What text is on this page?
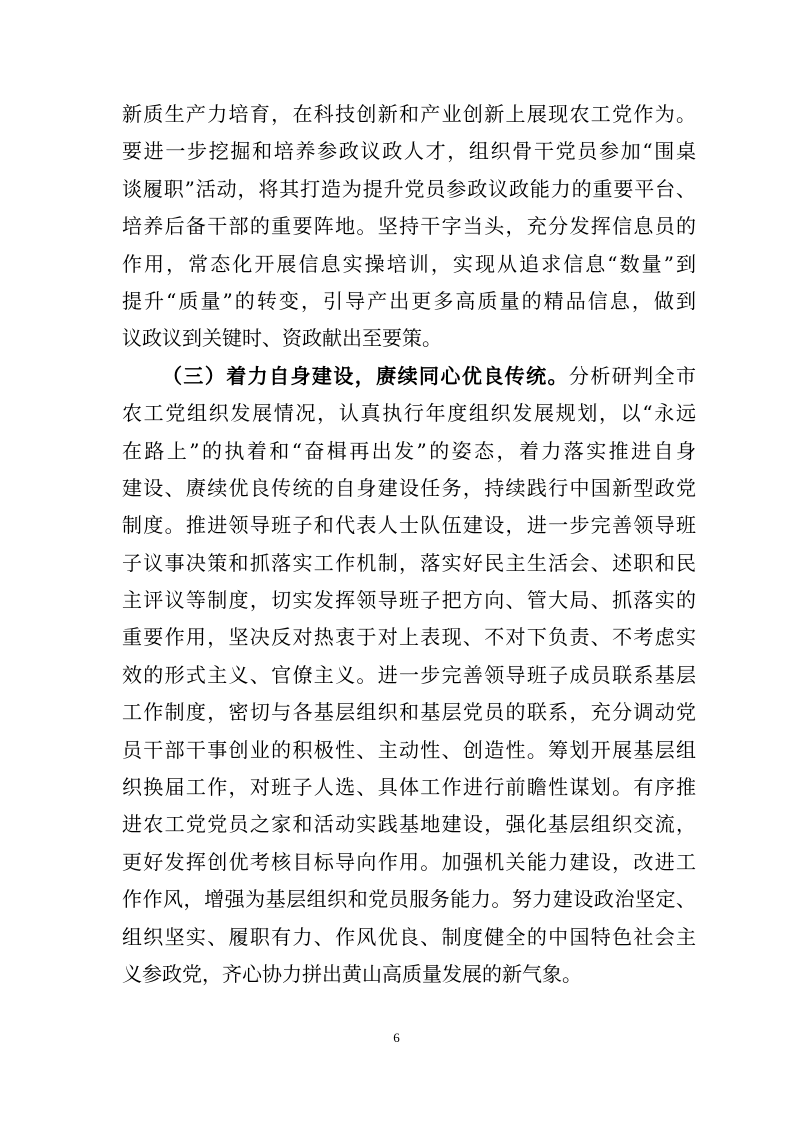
新质生产力培育，在科技创新和产业创新上展现农工党作为。
要进一步挖掘和培养参政议政人才，组织骨干党员参加“围桌
谈履职”活动，将其打造为提升党员参政议政能力的重要平台、
培养后备干部的重要阵地。坚持干字当头，充分发挥信息员的
作用，常态化开展信息实操培训，实现从追求信息“数量”到
提升“质量”的转变，引导产出更多高质量的精品信息，做到
议政议到关键时、资政献出至要策。
（三）着力自身建设，赓续同心优良传统。分析研判全市
农工党组织发展情况，认真执行年度组织发展规划，以“永远
在路上”的执着和“奋楫再出发”的姿态，着力落实推进自身
建设、赓续优良传统的自身建设任务，持续践行中国新型政党
制度。推进领导班子和代表人士队伍建设，进一步完善领导班
子议事决策和抓落实工作机制，落实好民主生活会、述职和民
主评议等制度，切实发挥领导班子把方向、管大局、抓落实的
重要作用，坚决反对热衷于对上表现、不对下负责、不考虑实
效的形式主义、官僚主义。进一步完善领导班子成员联系基层
工作制度，密切与各基层组织和基层党员的联系，充分调动党
员干部干事创业的积极性、主动性、创造性。筹划开展基层组
织换届工作，对班子人选、具体工作进行前瞻性谋划。有序推
进农工党党员之家和活动实践基地建设，强化基层组织交流，
更好发挥创优考核目标导向作用。加强机关能力建设，改进工
作作风，增强为基层组织和党员服务能力。努力建设政治坚定、
组织坚实、履职有力、作风优良、制度健全的中国特色社会主
义参政党，齐心协力拼出黄山高质量发展的新气象。
6
